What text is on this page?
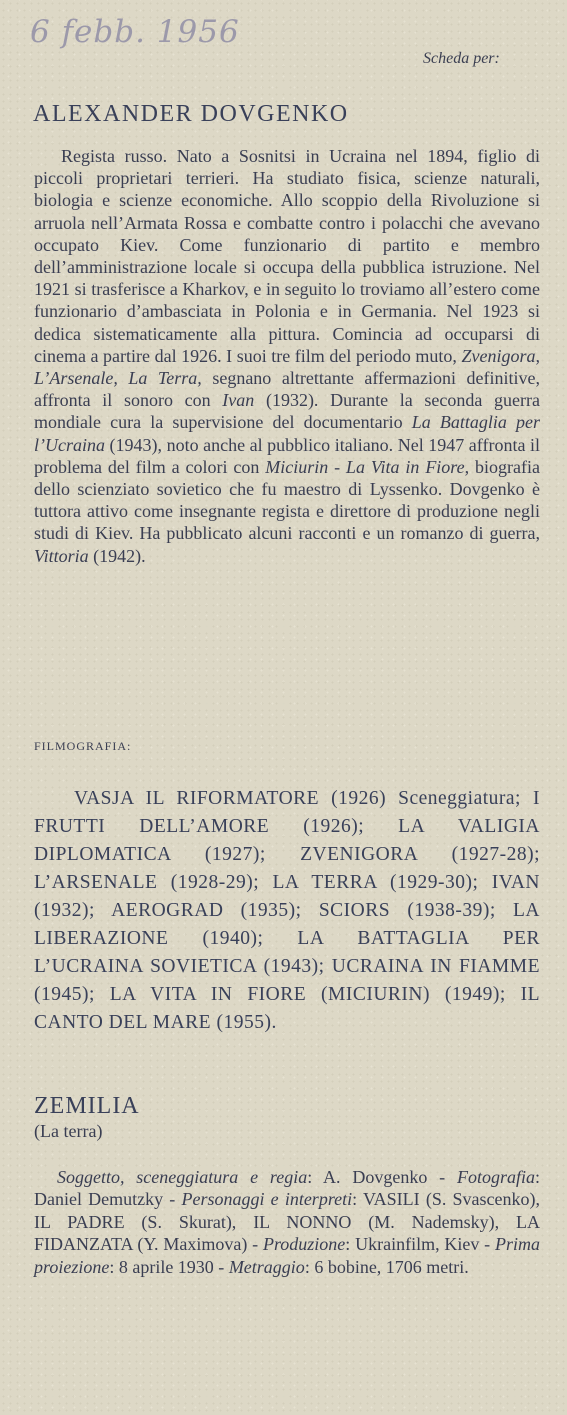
6 febb. 1956
Scheda per:
ALEXANDER DOVGENKO
Regista russo. Nato a Sosnitsi in Ucraina nel 1894, figlio di piccoli proprietari terrieri. Ha studiato fisica, scienze naturali, biologia e scienze economiche. Allo scoppio della Rivoluzione si arruola nell’Armata Rossa e combatte contro i polacchi che avevano occupato Kiev. Come funzionario di partito e membro dell’amministrazione locale si occupa della pubblica istruzione. Nel 1921 si trasferisce a Kharkov, e in seguito lo troviamo all’estero come funzionario d’ambasciata in Polonia e in Germania. Nel 1923 si dedica sistematicamente alla pittura. Comincia ad occuparsi di cinema a partire dal 1926. I suoi tre film del periodo muto, Zvenigora, L’Arsenale, La Terra, segnano altrettante affermazioni definitive, affronta il sonoro con Ivan (1932). Durante la seconda guerra mondiale cura la supervisione del documentario La Battaglia per l’Ucraina (1943), noto anche al pubblico italiano. Nel 1947 affronta il problema del film a colori con Miciurin - La Vita in Fiore, biografia dello scienziato sovietico che fu maestro di Lyssenko. Dovgenko è tuttora attivo come insegnante regista e direttore di produzione negli studi di Kiev. Ha pubblicato alcuni racconti e un romanzo di guerra, Vittoria (1942).
FILMOGRAFIA:
VASJA IL RIFORMATORE (1926) Sceneggiatura; I FRUTTI DELL’AMORE (1926); LA VALIGIA DIPLOMATICA (1927); ZVENIGORA (1927-28); L’ARSENALE (1928-29); LA TERRA (1929-30); IVAN (1932); AEROGRAD (1935); SCIORS (1938-39); LA LIBERAZIONE (1940); LA BATTAGLIA PER L’UCRAINA SOVIETICA (1943); UCRAINA IN FIAMME (1945); LA VITA IN FIORE (MICIURIN) (1949); IL CANTO DEL MARE (1955).
ZEMILIA
(La terra)
Soggetto, sceneggiatura e regia: A. Dovgenko - Fotografia: Daniel Demutzky - Personaggi e interpreti: VASILI (S. Svascenko), IL PADRE (S. Skurat), IL NONNO (M. Nademsky), LA FIDANZATA (Y. Maximova) - Produzione: Ukrainfilm, Kiev - Prima proiezione: 8 aprile 1930 - Metraggio: 6 bobine, 1706 metri.
